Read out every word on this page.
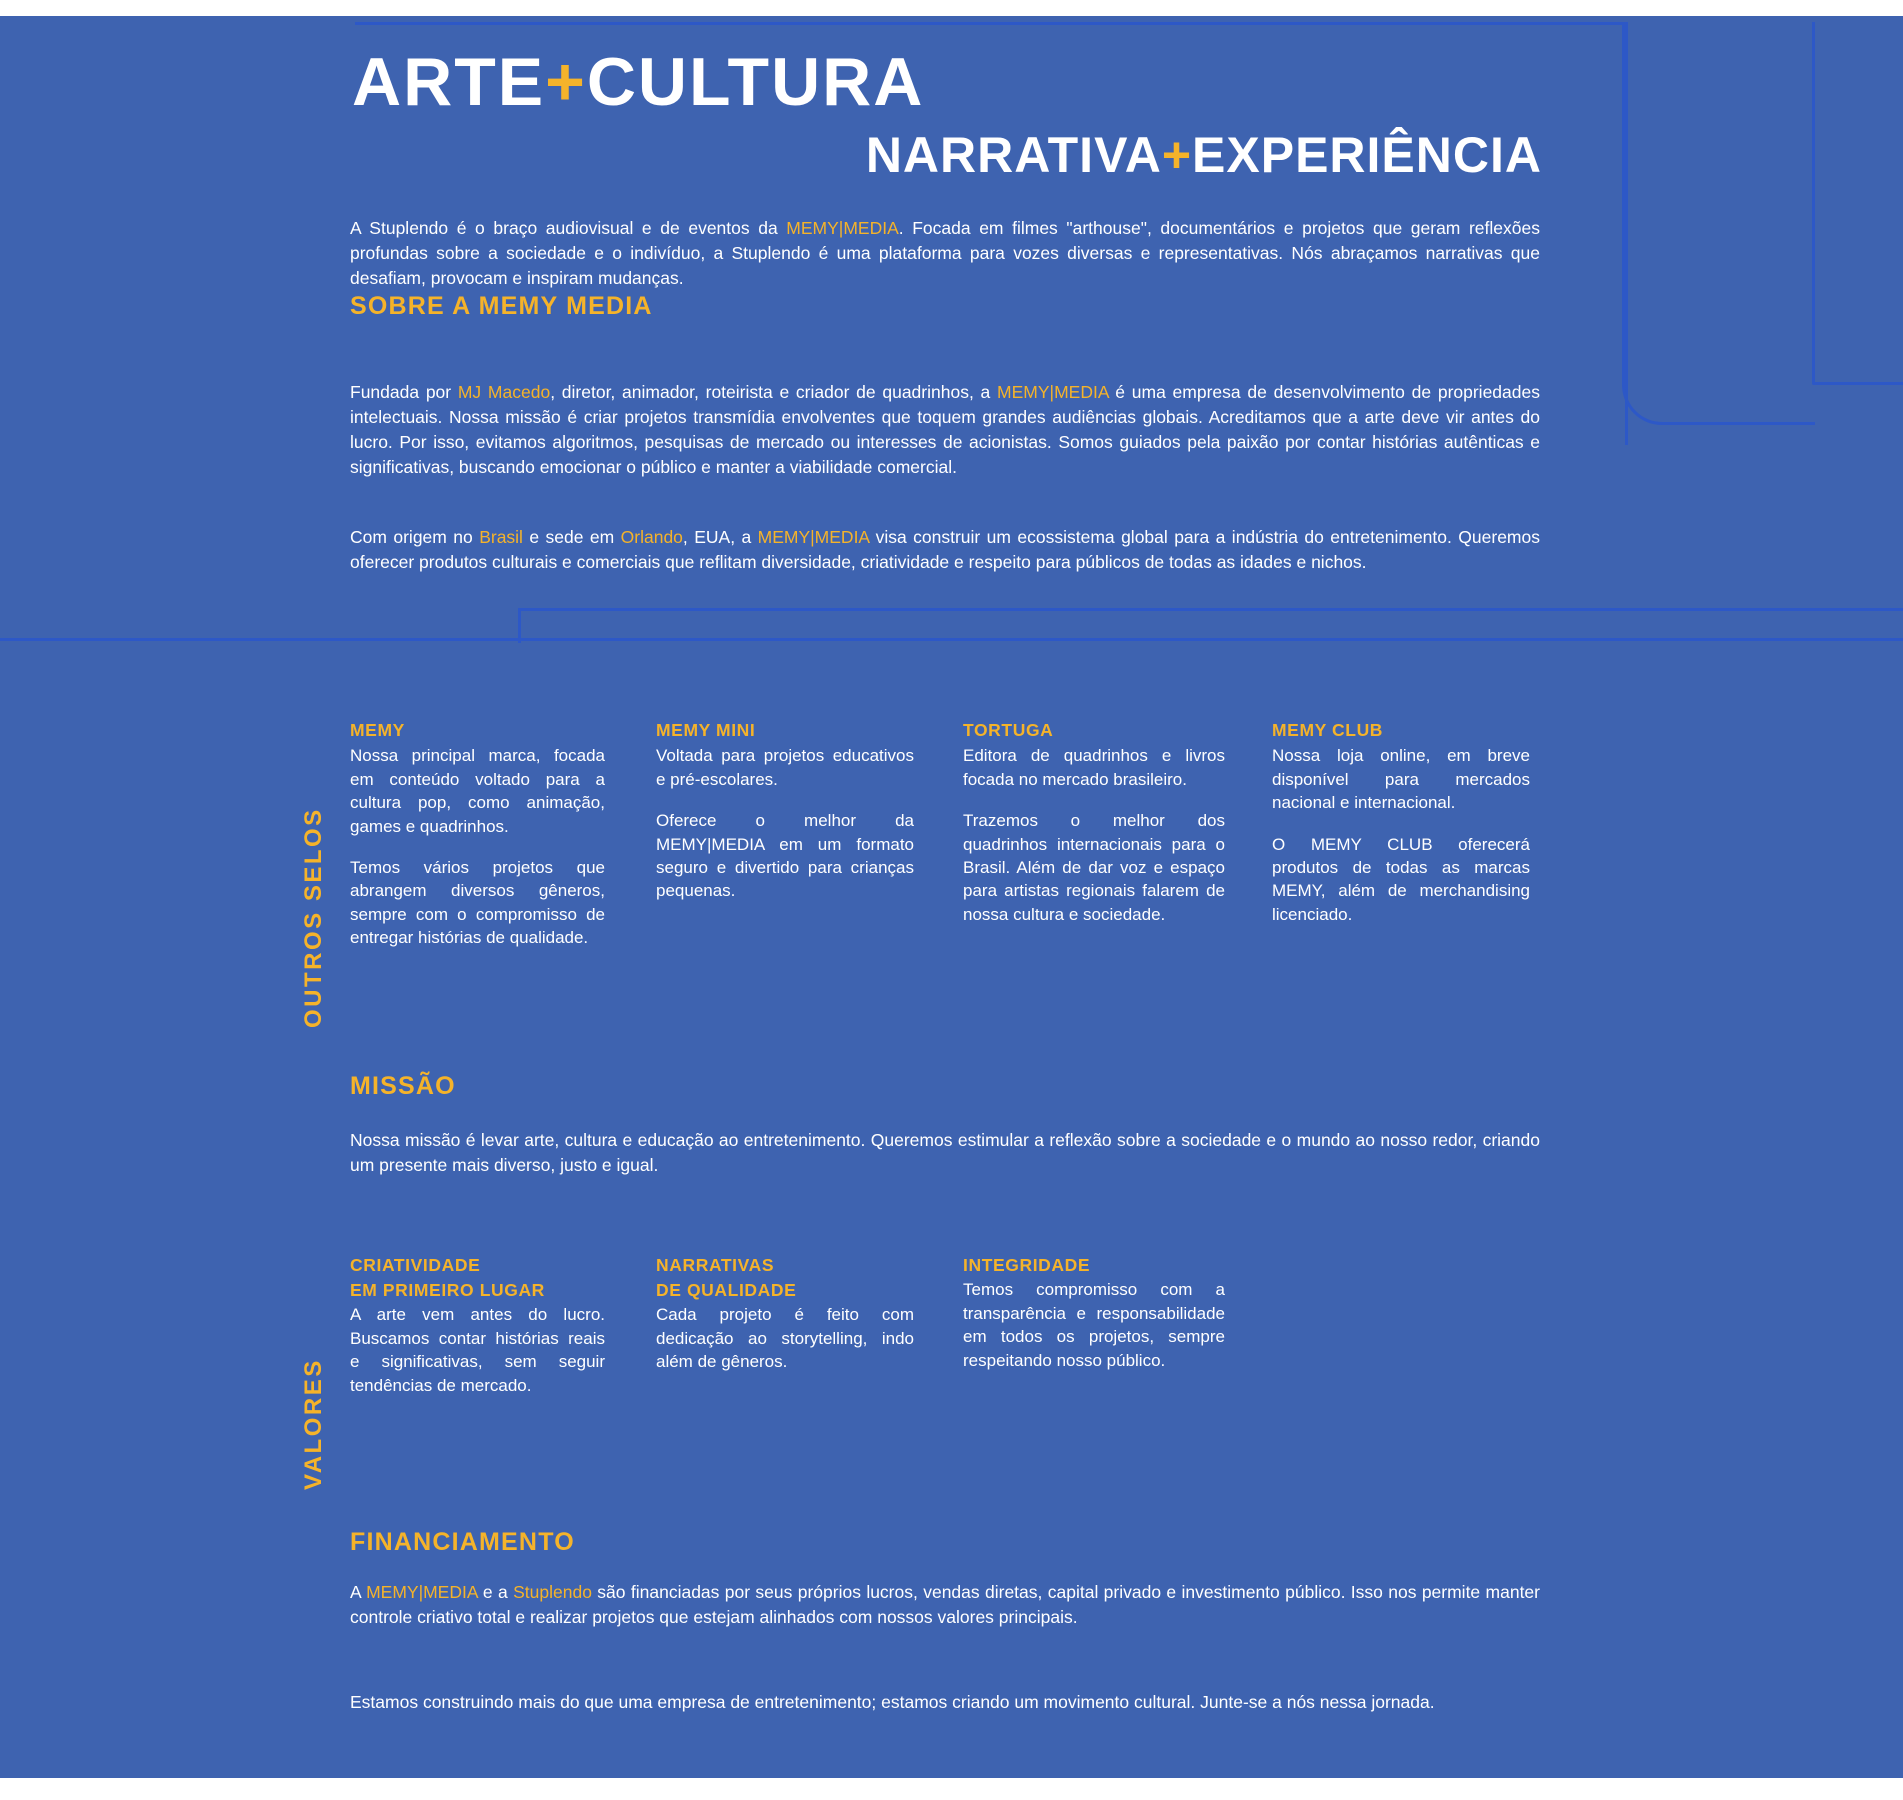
ARTE+CULTURA
NARRATIVA+EXPERIÊNCIA
A Stuplendo é o braço audiovisual e de eventos da MEMY|MEDIA. Focada em filmes "arthouse", documentários e projetos que geram reflexões profundas sobre a sociedade e o indivíduo, a Stuplendo é uma plataforma para vozes diversas e representativas. Nós abraçamos narrativas que desafiam, provocam e inspiram mudanças.
SOBRE A MEMY MEDIA
Fundada por MJ Macedo, diretor, animador, roteirista e criador de quadrinhos, a MEMY|MEDIA é uma empresa de desenvolvimento de propriedades intelectuais. Nossa missão é criar projetos transmídia envolventes que toquem grandes audiências globais. Acreditamos que a arte deve vir antes do lucro. Por isso, evitamos algoritmos, pesquisas de mercado ou interesses de acionistas. Somos guiados pela paixão por contar histórias autênticas e significativas, buscando emocionar o público e manter a viabilidade comercial.
Com origem no Brasil e sede em Orlando, EUA, a MEMY|MEDIA visa construir um ecossistema global para a indústria do entretenimento. Queremos oferecer produtos culturais e comerciais que reflitam diversidade, criatividade e respeito para públicos de todas as idades e nichos.
OUTROS SELOS
MEMY

Nossa principal marca, focada em conteúdo voltado para a cultura pop, como animação, games e quadrinhos.

Temos vários projetos que abrangem diversos gêneros, sempre com o compromisso de entregar histórias de qualidade.

MEMY MINI

Voltada para projetos educativos e pré-escolares.

Oferece o melhor da MEMY|MEDIA em um formato seguro e divertido para crianças pequenas.

TORTUGA

Editora de quadrinhos e livros focada no mercado brasileiro.

Trazemos o melhor dos quadrinhos internacionais para o Brasil. Além de dar voz e espaço para artistas regionais falarem de nossa cultura e sociedade.

MEMY CLUB

Nossa loja online, em breve disponível para mercados nacional e internacional.

O MEMY CLUB oferecerá produtos de todas as marcas MEMY, além de merchandising licenciado.

MISSÃO
Nossa missão é levar arte, cultura e educação ao entretenimento. Queremos estimular a reflexão sobre a sociedade e o mundo ao nosso redor, criando um presente mais diverso, justo e igual.
VALORES
CRIATIVIDADE
EM PRIMEIRO LUGAR

A arte vem antes do lucro. Buscamos contar histórias reais e significativas, sem seguir tendências de mercado.

NARRATIVAS
DE QUALIDADE

Cada projeto é feito com dedicação ao storytelling, indo além de gêneros.

INTEGRIDADE

Temos compromisso com a transparência e responsabilidade em todos os projetos, sempre respeitando nosso público.

FINANCIAMENTO
A MEMY|MEDIA e a Stuplendo são financiadas por seus próprios lucros, vendas diretas, capital privado e investimento público. Isso nos permite manter controle criativo total e realizar projetos que estejam alinhados com nossos valores principais.
Estamos construindo mais do que uma empresa de entretenimento; estamos criando um movimento cultural. Junte-se a nós nessa jornada.
